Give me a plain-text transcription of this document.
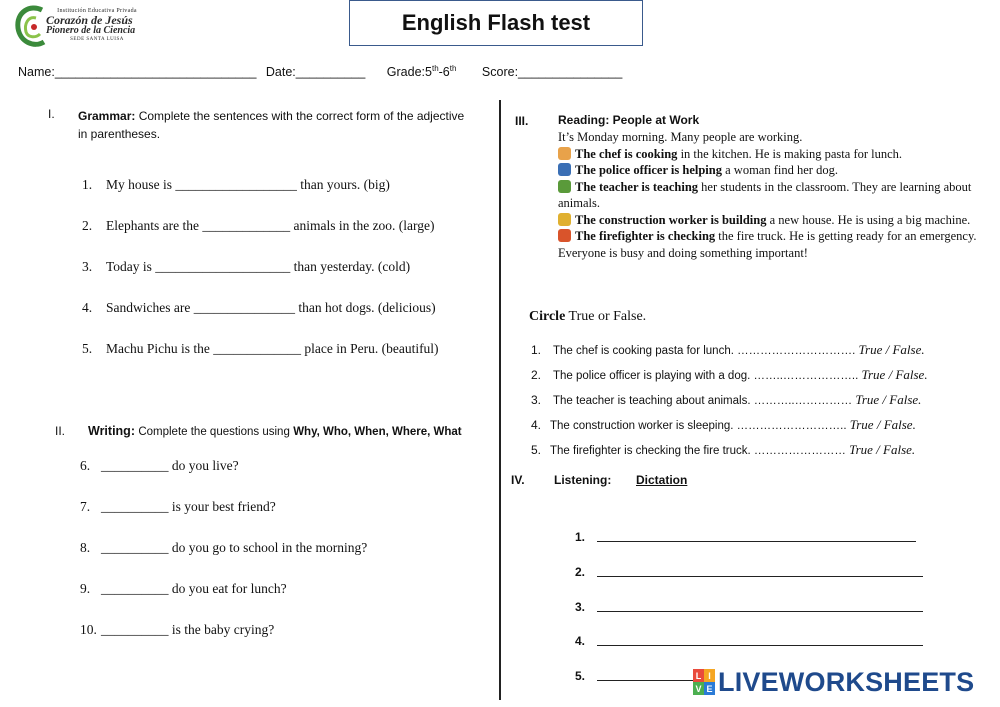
Institución Educativa Privada
Corazón de Jesús
Pionero de la Ciencia
SEDE SANTA LUISA
English Flash test
Name:_____________________________ Date:__________ Grade:5th-6th Score:_______________
I. Grammar: Complete the sentences with the correct form of the adjective
in parentheses.
1. My house is __________________ than yours. (big)
2. Elephants are the _____________ animals in the zoo. (large)
3. Today is ____________________ than yesterday. (cold)
4. Sandwiches are _______________ than hot dogs. (delicious)
5. Machu Pichu is the _____________ place in Peru. (beautiful)
II. Writing: Complete the questions using Why, Who, When, Where, What
6. __________ do you live?
7. __________ is your best friend?
8. __________ do you go to school in the morning?
9. __________ do you eat for lunch?
10. __________ is the baby crying?
III. Reading: People at Work
It’s Monday morning. Many people are working.
The chef is cooking in the kitchen. He is making pasta for lunch.
The police officer is helping a woman find her dog.
The teacher is teaching her students in the classroom. They are learning about animals.
The construction worker is building a new house. He is using a big machine.
The firefighter is checking the fire truck. He is getting ready for an emergency.
Everyone is busy and doing something important!
Circle True or False.
1. The chef is cooking pasta for lunch. …………………………. True / False.
2. The police officer is playing with a dog. ……..……………….. True / False.
3. The teacher is teaching about animals. ………..…………… True / False.
4. The construction worker is sleeping. ……………………….. True / False.
5. The firefighter is checking the fire truck. …………………… True / False.
IV. Listening: Dictation
1.
2.
3.
4.
5.	L I
V E LIVEWORKSHEETS
